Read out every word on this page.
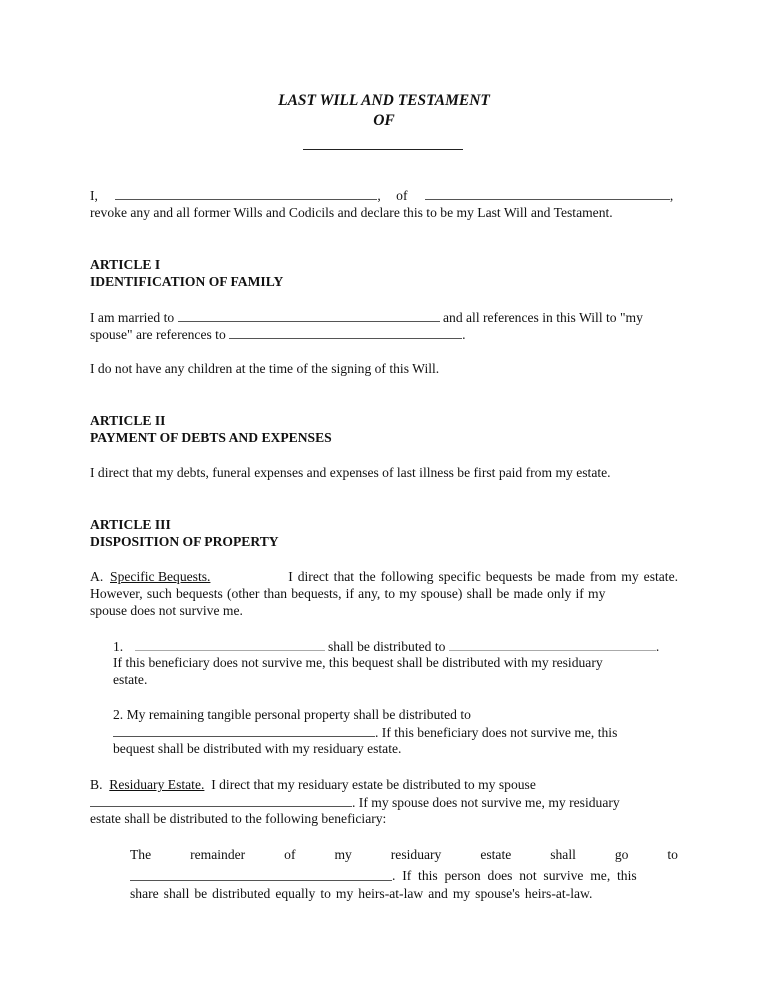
LAST WILL AND TESTAMENT
OF
I,	, of	,
revoke any and all former Wills and Codicils and declare this to be my Last Will and Testament.
ARTICLE I
IDENTIFICATION OF FAMILY
I am married to	and all references in this Will to "my
spouse" are references to	.
I do not have any children at the time of the signing of this Will.
ARTICLE II
PAYMENT OF DEBTS AND EXPENSES
I direct that my debts, funeral expenses and expenses of last illness be first paid from my estate.
ARTICLE III
DISPOSITION OF PROPERTY
A. Specific Bequests.	I direct that the following specific bequests be made from my estate.
However, such bequests (other than bequests, if any, to my spouse) shall be made only if my
spouse does not survive me.
1.	shall be distributed to	.
If this beneficiary does not survive me, this bequest shall be distributed with my residuary
estate.
2. My remaining tangible personal property shall be distributed to
. If this beneficiary does not survive me, this
bequest shall be distributed with my residuary estate.
B. Residuary Estate. I direct that my residuary estate be distributed to my spouse
. If my spouse does not survive me, my residuary
estate shall be distributed to the following beneficiary:
The	remainder	of	my	residuary	estate	shall	go	to
. If this person does not survive me, this
share shall be distributed equally to my heirs-at-law and my spouse's heirs-at-law.
